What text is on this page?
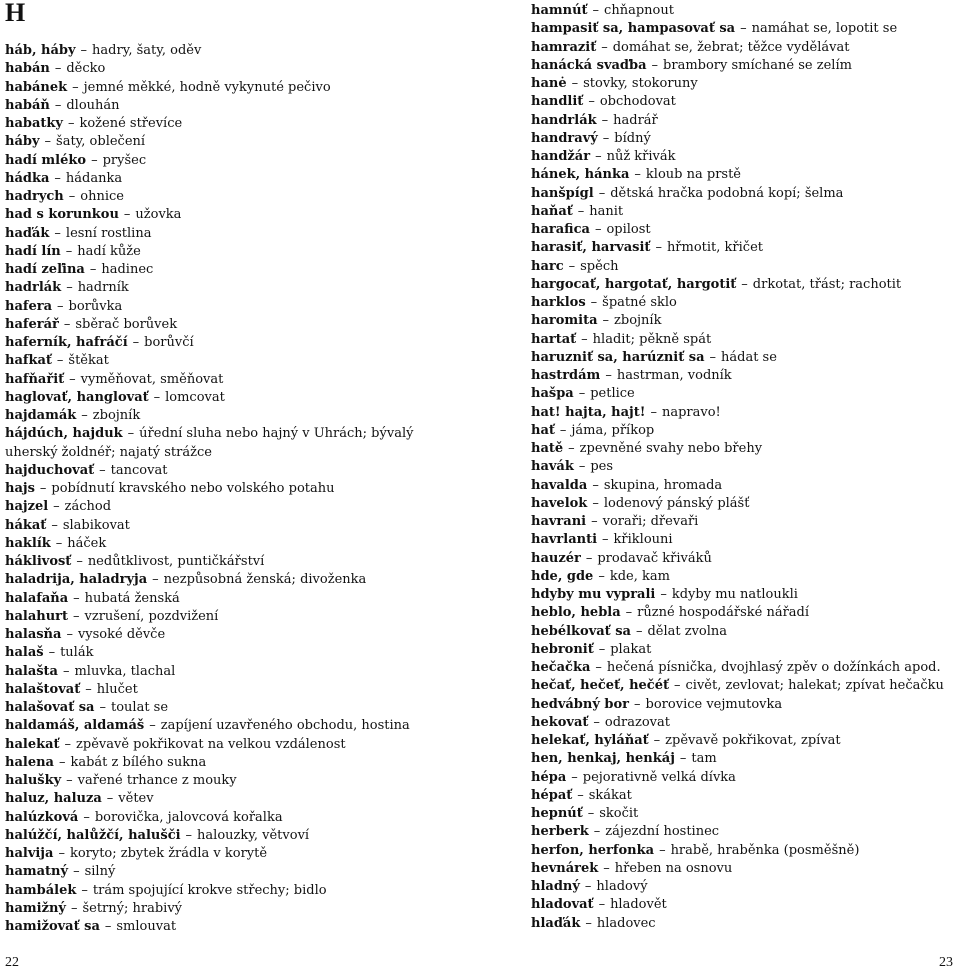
H
háb, háby – hadry, šaty, oděv
habán – děcko
habánek – jemné měkké, hodně vykynuté pečivo
habáň – dlouhán
habatky – kožené střevíce
háby – šaty, oblečení
hadí mléko – pryšec
hádka – hádanka
hadrych – ohnice
had s korunkou – užovka
haďák – lesní rostlina
hadí lín – hadí kůže
hadí zeľina – hadinec
hadrlák – hadrník
hafera – borůvka
haferář – sběrač borůvek
haferník, hafráčí – borůvčí
hafkať – štěkat
hafňařiť – vyměňovat, směňovat
haglovať, hanglovať – lomcovat
hajdamák – zbojník
hájdúch, hajduk – úřední sluha nebo hajný v Uhrách; bývalý uherský žoldnéř; najatý strážce
hajduchovať – tancovat
hajs – pobídnutí kravského nebo volského potahu
hajzel – záchod
hákať – slabikovat
haklík – háček
háklivosť – nedůtklivost, puntičkářství
haladrija, haladryja – nezpůsobná ženská; divoženka
halafaňa – hubatá ženská
halahurt – vzrušení, pozdvižení
halasňa – vysoké děvče
halaš – tulák
halašta – mluvka, tlachal
halaštovať – hlučet
halašovať sa – toulat se
haldamáš, aldamáš – zapíjení uzavřeného obchodu, hostina
halekať – zpěvavě pokřikovat na velkou vzdálenost
halena – kabát z bílého sukna
halušky – vařené trhance z mouky
haluz, haluza – větev
halúzková – borovička, jalovcová kořalka
halúžčí, halůžčí, halušči – halouzky, větvoví
halvija – koryto; zbytek žrádla v korytě
hamatný – silný
hambálek – trám spojující krokve střechy; bidlo
hamižný – šetrný; hrabivý
hamižovať sa – smlouvat
hamnúť – chňapnout
hampasiť sa, hampasovať sa – namáhat se, lopotit se
hamraziť – domáhat se, žebrat; těžce vydělávat
hanácká svaďba – brambory smíchané se zelím
hanė – stovky, stokoruny
handliť – obchodovat
handrlák – hadrář
handravý – bídný
handžár – nůž křivák
hánek, hánka – kloub na prstě
hanšpígl – dětská hračka podobná kopí; šelma
haňať – hanit
harafica – opilost
harasiť, harvasiť – hřmotit, křičet
harc – spěch
hargocať, hargotať, hargotiť – drkotat, třást; rachotit
harklos – špatné sklo
haromita – zbojník
hartať – hladit; pěkně spát
haruzniť sa, harúzniť sa – hádat se
hastrdám – hastrman, vodník
hašpa – petlice
hat! hajta, hajt! – napravo!
hať – jáma, příkop
hatě – zpevněné svahy nebo břehy
havák – pes
havalda – skupina, hromada
havelok – lodenový pánský plášť
havrani – voraři; dřevaři
havrlanti – křiklouni
hauzér – prodavač křiváků
hde, gde – kde, kam
hdyby mu vyprali – kdyby mu natloukli
heblo, hebla – různé hospodářské nářadí
hebélkovať sa – dělat zvolna
hebroniť – plakat
hečačka – hečená písnička, dvojhlasý zpěv o dožínkách apod.
hečať, hečeť, hečéť – civět, zevlovat; halekat; zpívat hečačku
hedvábný bor – borovice vejmutovka
hekovať – odrazovat
helekať, hyláňať – zpěvavě pokřikovat, zpívat
hen, henkaj, henkáj – tam
hépa – pejorativně velká dívka
hépať – skákat
hepnúť – skočit
herberk – zájezdní hostinec
herfon, herfonka – hrabě, hraběnka (posměšně)
hevnárek – hřeben na osnovu
hladný – hladový
hladovať – hladovět
hlaďák – hladovec
22	23
